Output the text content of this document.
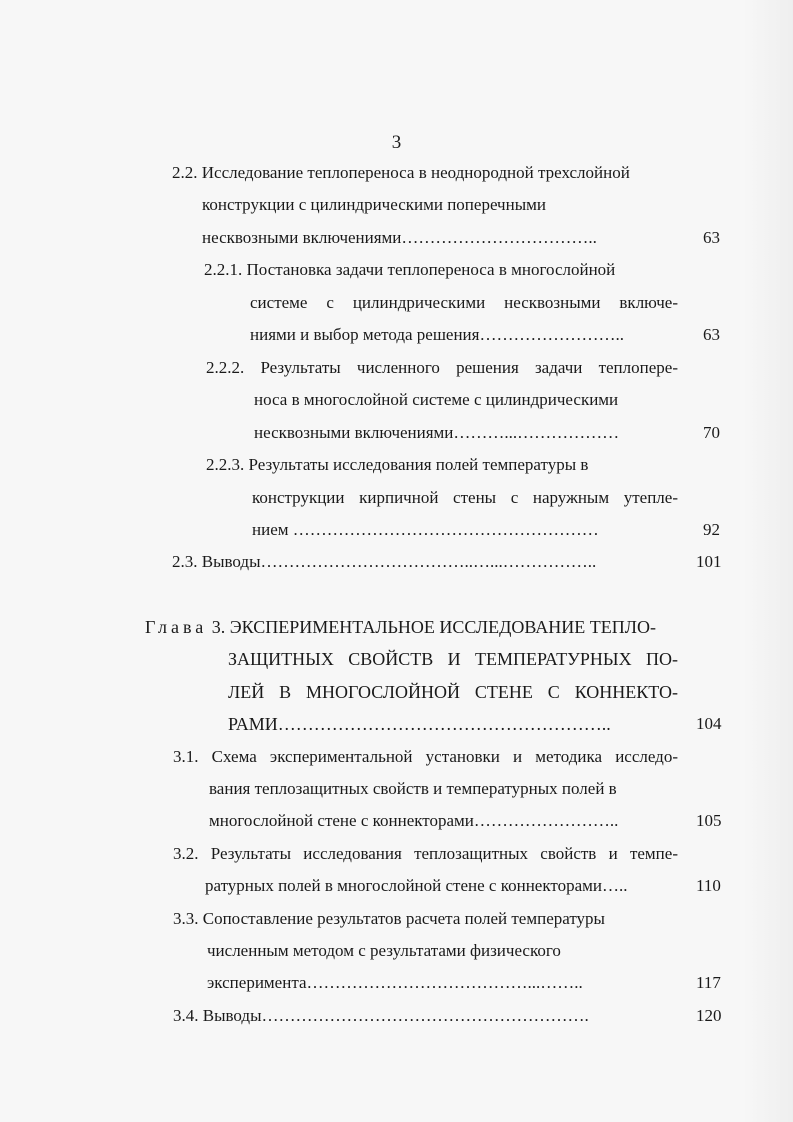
3
2.2. Исследование теплопереноса в неоднородной трехслойной
конструкции с цилиндрическими поперечными
несквозными включениями……………………………..	63
2.2.1. Постановка задачи теплопереноса в многослойной
системе с цилиндрическими несквозными включе-
ниями и выбор метода решения……………………..	63
2.2.2. Результаты численного решения задачи теплопере-
носа в многослойной системе с цилиндрическими
несквозными включениями………...………………	70
2.2.3. Результаты исследования полей температуры в
конструкции кирпичной стены с наружным утепле-
нием ………………………………………………	92
2.3. Выводы………………………………..…...……………..	101
Глава 3. ЭКСПЕРИМЕНТАЛЬНОЕ ИССЛЕДОВАНИЕ ТЕПЛО-
ЗАЩИТНЫХ СВОЙСТВ И ТЕМПЕРАТУРНЫХ ПО-
ЛЕЙ В МНОГОСЛОЙНОЙ СТЕНЕ С КОННЕКТО-
РАМИ………………………………………………..	104
3.1. Схема экспериментальной установки и методика исследо-
вания теплозащитных свойств и температурных полей в
многослойной стене с коннекторами……………………..	105
3.2. Результаты исследования теплозащитных свойств и темпе-
ратурных полей в многослойной стене с коннекторами…..	110
3.3. Сопоставление результатов расчета полей температуры
численным методом с результатами физического
эксперимента…………………………………...……..	117
3.4. Выводы………………………………………………….	120
